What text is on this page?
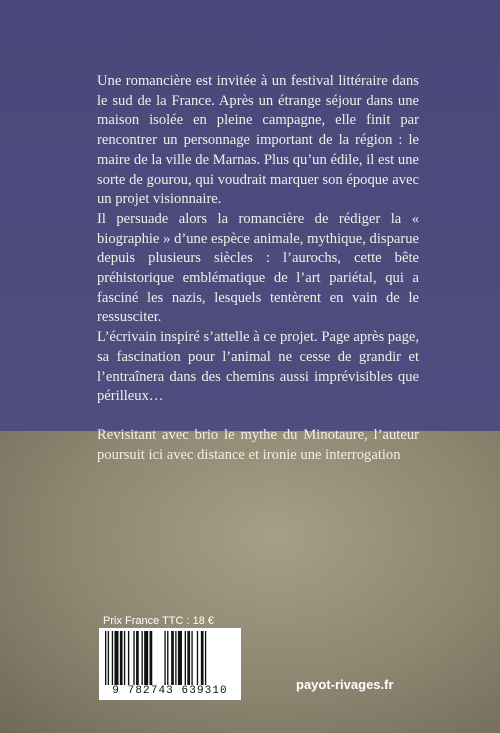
Une romancière est invitée à un festival littéraire dans le sud de la France. Après un étrange séjour dans une maison isolée en pleine campagne, elle finit par rencontrer un personnage important de la région : le maire de la ville de Marnas. Plus qu’un édile, il est une sorte de gourou, qui voudrait marquer son époque avec un projet visionnaire.

Il persuade alors la romancière de rédiger la « biographie » d’une espèce animale, mythique, disparue depuis plusieurs siècles : l’aurochs, cette bête préhistorique emblématique de l’art pariétal, qui a fasciné les nazis, lesquels tentèrent en vain de le ressusciter.

L’écrivain inspiré s’attelle à ce projet. Page après page, sa fascination pour l’animal ne cesse de grandir et l’entraînera dans des chemins aussi imprévisibles que périlleux…

Revisitant avec brio le mythe du Minotaure, l’auteur poursuit ici avec distance et ironie une interrogation

Prix France TTC : 18 €
9 782743 639310	payot-rivages.fr
